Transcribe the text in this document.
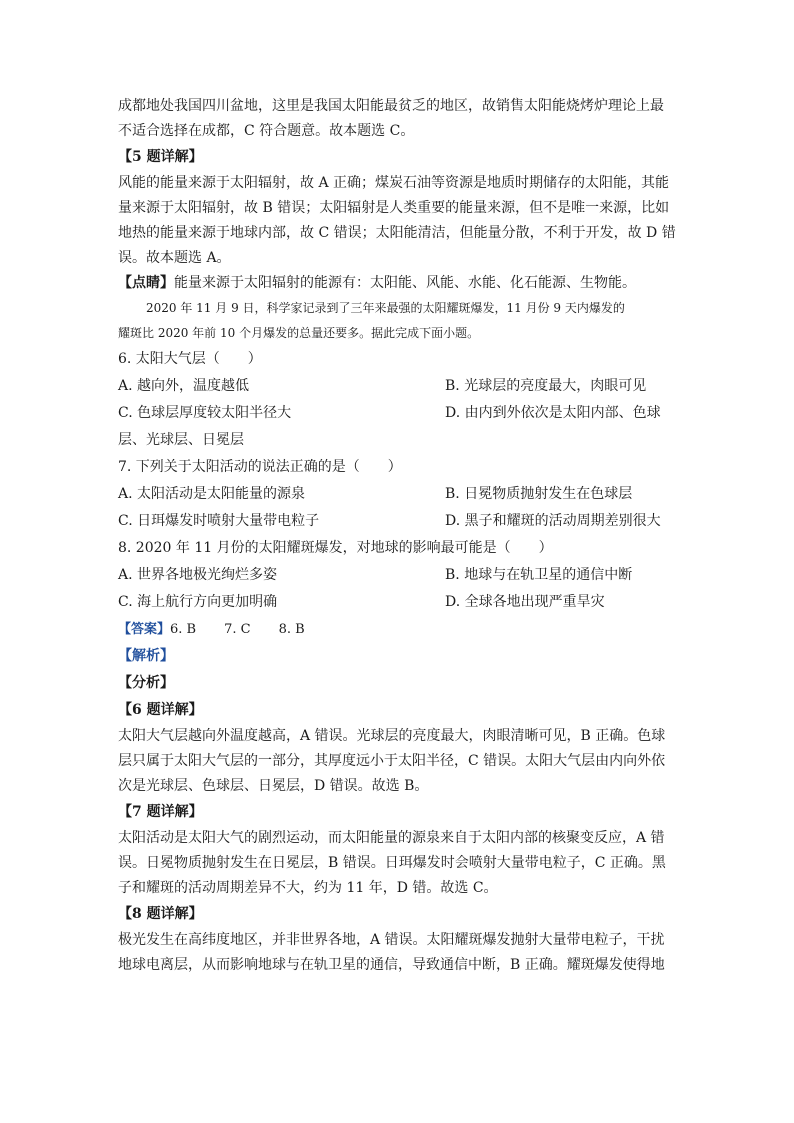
成都地处我国四川盆地，这里是我国太阳能最贫乏的地区，故销售太阳能烧烤炉理论上最
不适合选择在成都，C 符合题意。故本题选 C。

【5 题详解】

风能的能量来源于太阳辐射，故 A 正确；煤炭石油等资源是地质时期储存的太阳能，其能
量来源于太阳辐射，故 B 错误；太阳辐射是人类重要的能量来源，但不是唯一来源，比如
地热的能量来源于地球内部，故 C 错误；太阳能清洁，但能量分散，不利于开发，故 D 错
误。故本题选 A。

【点睛】能量来源于太阳辐射的能源有：太阳能、风能、水能、化石能源、生物能。

2020 年 11 月 9 日，科学家记录到了三年来最强的太阳耀斑爆发，11 月份 9 天内爆发的
耀斑比 2020 年前 10 个月爆发的总量还要多。据此完成下面小题。

6. 太阳大气层（　　）

A. 越向外，温度越低	B. 光球层的亮度最大，肉眼可见
C. 色球层厚度较太阳半径大	D. 由内到外依次是太阳内部、色球

层、光球层、日冕层

7. 下列关于太阳活动的说法正确的是（　　）

A. 太阳活动是太阳能量的源泉	B. 日冕物质抛射发生在色球层
C. 日珥爆发时喷射大量带电粒子	D. 黑子和耀斑的活动周期差别很大

8. 2020 年 11 月份的太阳耀斑爆发，对地球的影响最可能是（　　）

A. 世界各地极光绚烂多姿	B. 地球与在轨卫星的通信中断
C. 海上航行方向更加明确	D. 全球各地出现严重旱灾

【答案】6. B 7. C 8. B

【解析】

【分析】

【6 题详解】

太阳大气层越向外温度越高，A 错误。光球层的亮度最大，肉眼清晰可见，B 正确。色球
层只属于太阳大气层的一部分，其厚度远小于太阳半径，C 错误。太阳大气层由内向外依
次是光球层、色球层、日冕层，D 错误。故选 B。

【7 题详解】

太阳活动是太阳大气的剧烈运动，而太阳能量的源泉来自于太阳内部的核聚变反应，A 错
误。日冕物质抛射发生在日冕层，B 错误。日珥爆发时会喷射大量带电粒子，C 正确。黑
子和耀斑的活动周期差异不大，约为 11 年，D 错。故选 C。

【8 题详解】

极光发生在高纬度地区，并非世界各地，A 错误。太阳耀斑爆发抛射大量带电粒子，干扰
地球电离层，从而影响地球与在轨卫星的通信，导致通信中断，B 正确。耀斑爆发使得地
